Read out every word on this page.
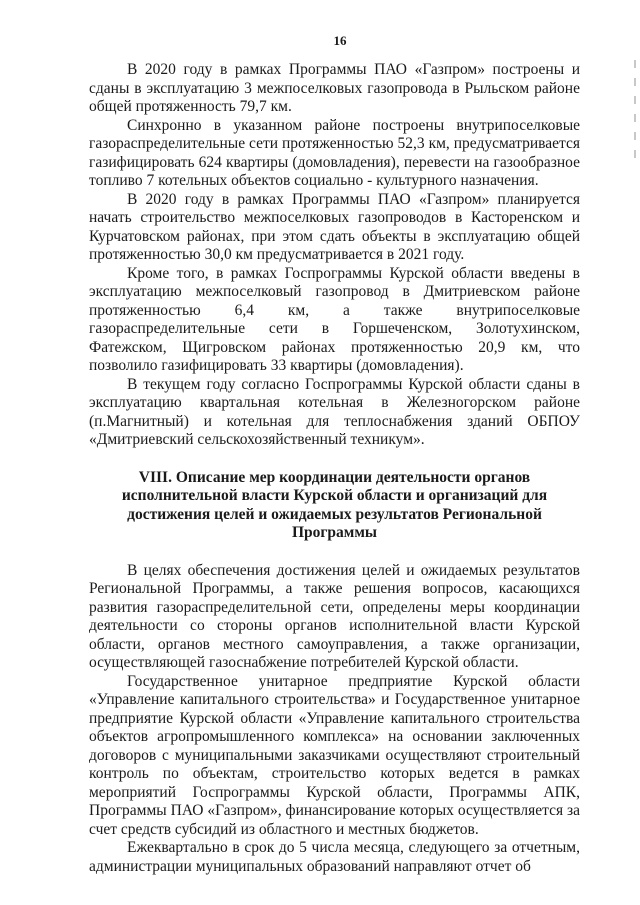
16

В 2020 году в рамках Программы ПАО «Газпром» построены и сданы в эксплуатацию 3 межпоселковых газопровода в Рыльском районе общей протяженность 79,7 км.

Синхронно в указанном районе построены внутрипоселковые газораспределительные сети протяженностью 52,3 км, предусматривается газифицировать 624 квартиры (домовладения), перевести на газообразное топливо 7 котельных объектов социально - культурного назначения.

В 2020 году в рамках Программы ПАО «Газпром» планируется начать строительство межпоселковых газопроводов в Касторенском и Курчатовском районах, при этом сдать объекты в эксплуатацию общей протяженностью 30,0 км предусматривается в 2021 году.

Кроме того, в рамках Госпрограммы Курской области введены в эксплуатацию межпоселковый газопровод в Дмитриевском районе протяженностью 6,4 км, а также внутрипоселковые газораспределительные сети в Горшеченском, Золотухинском, Фатежском, Щигровском районах протяженностью 20,9 км, что позволило газифицировать 33 квартиры (домовладения).

В текущем году согласно Госпрограммы Курской области сданы в эксплуатацию квартальная котельная в Железногорском районе (п.Магнитный) и котельная для теплоснабжения зданий ОБПОУ «Дмитриевский сельскохозяйственный техникум».

VIII. Описание мер координации деятельности органов исполнительной власти Курской области и организаций для достижения целей и ожидаемых результатов Региональной Программы

В целях обеспечения достижения целей и ожидаемых результатов Региональной Программы, а также решения вопросов, касающихся развития газораспределительной сети, определены меры координации деятельности со стороны органов исполнительной власти Курской области, органов местного самоуправления, а также организации, осуществляющей газоснабжение потребителей Курской области.

Государственное унитарное предприятие Курской области «Управление капитального строительства» и Государственное унитарное предприятие Курской области «Управление капитального строительства объектов агропромышленного комплекса» на основании заключенных договоров с муниципальными заказчиками осуществляют строительный контроль по объектам, строительство которых ведется в рамках мероприятий Госпрограммы Курской области, Программы АПК, Программы ПАО «Газпром», финансирование которых осуществляется за счет средств субсидий из областного и местных бюджетов.

Ежеквартально в срок до 5 числа месяца, следующего за отчетным, администрации муниципальных образований направляют отчет об
